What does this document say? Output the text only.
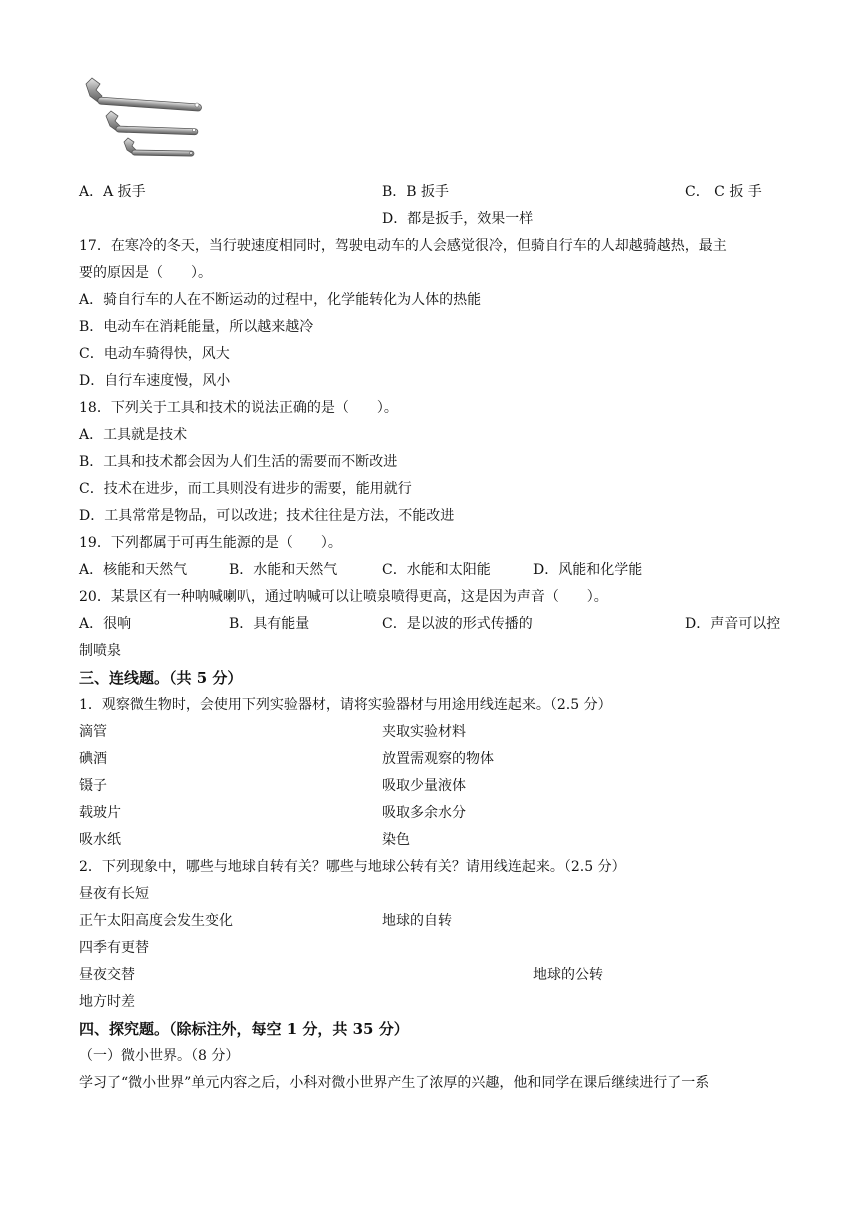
A．A 扳手	B．B 扳手	C． C 扳 手
D．都是扳手，效果一样
17．在寒冷的冬天，当行驶速度相同时，驾驶电动车的人会感觉很冷，但骑自行车的人却越骑越热，最主
要的原因是（　　）。
A．骑自行车的人在不断运动的过程中，化学能转化为人体的热能
B．电动车在消耗能量，所以越来越冷
C．电动车骑得快，风大
D．自行车速度慢，风小
18．下列关于工具和技术的说法正确的是（　　）。
A．工具就是技术
B．工具和技术都会因为人们生活的需要而不断改进
C．技术在进步，而工具则没有进步的需要，能用就行
D．工具常常是物品，可以改进；技术往往是方法，不能改进
19．下列都属于可再生能源的是（　　）。
A．核能和天然气	B．水能和天然气	C．水能和太阳能	D．风能和化学能
20．某景区有一种呐喊喇叭，通过呐喊可以让喷泉喷得更高，这是因为声音（　　）。
A．很响	B．具有能量	C．是以波的形式传播的	D．声音可以控
制喷泉
三、连线题。（共 5 分）
1．观察微生物时，会使用下列实验器材，请将实验器材与用途用线连起来。（2.5 分）
滴管	夹取实验材料
碘酒	放置需观察的物体
镊子	吸取少量液体
载玻片	吸取多余水分
吸水纸	染色
2．下列现象中，哪些与地球自转有关？哪些与地球公转有关？请用线连起来。（2.5 分）
昼夜有长短
正午太阳高度会发生变化	地球的自转
四季有更替
昼夜交替	地球的公转
地方时差
四、探究题。（除标注外，每空 1 分，共 35 分）
（一）微小世界。（8 分）
学习了“微小世界”单元内容之后，小科对微小世界产生了浓厚的兴趣，他和同学在课后继续进行了一系
